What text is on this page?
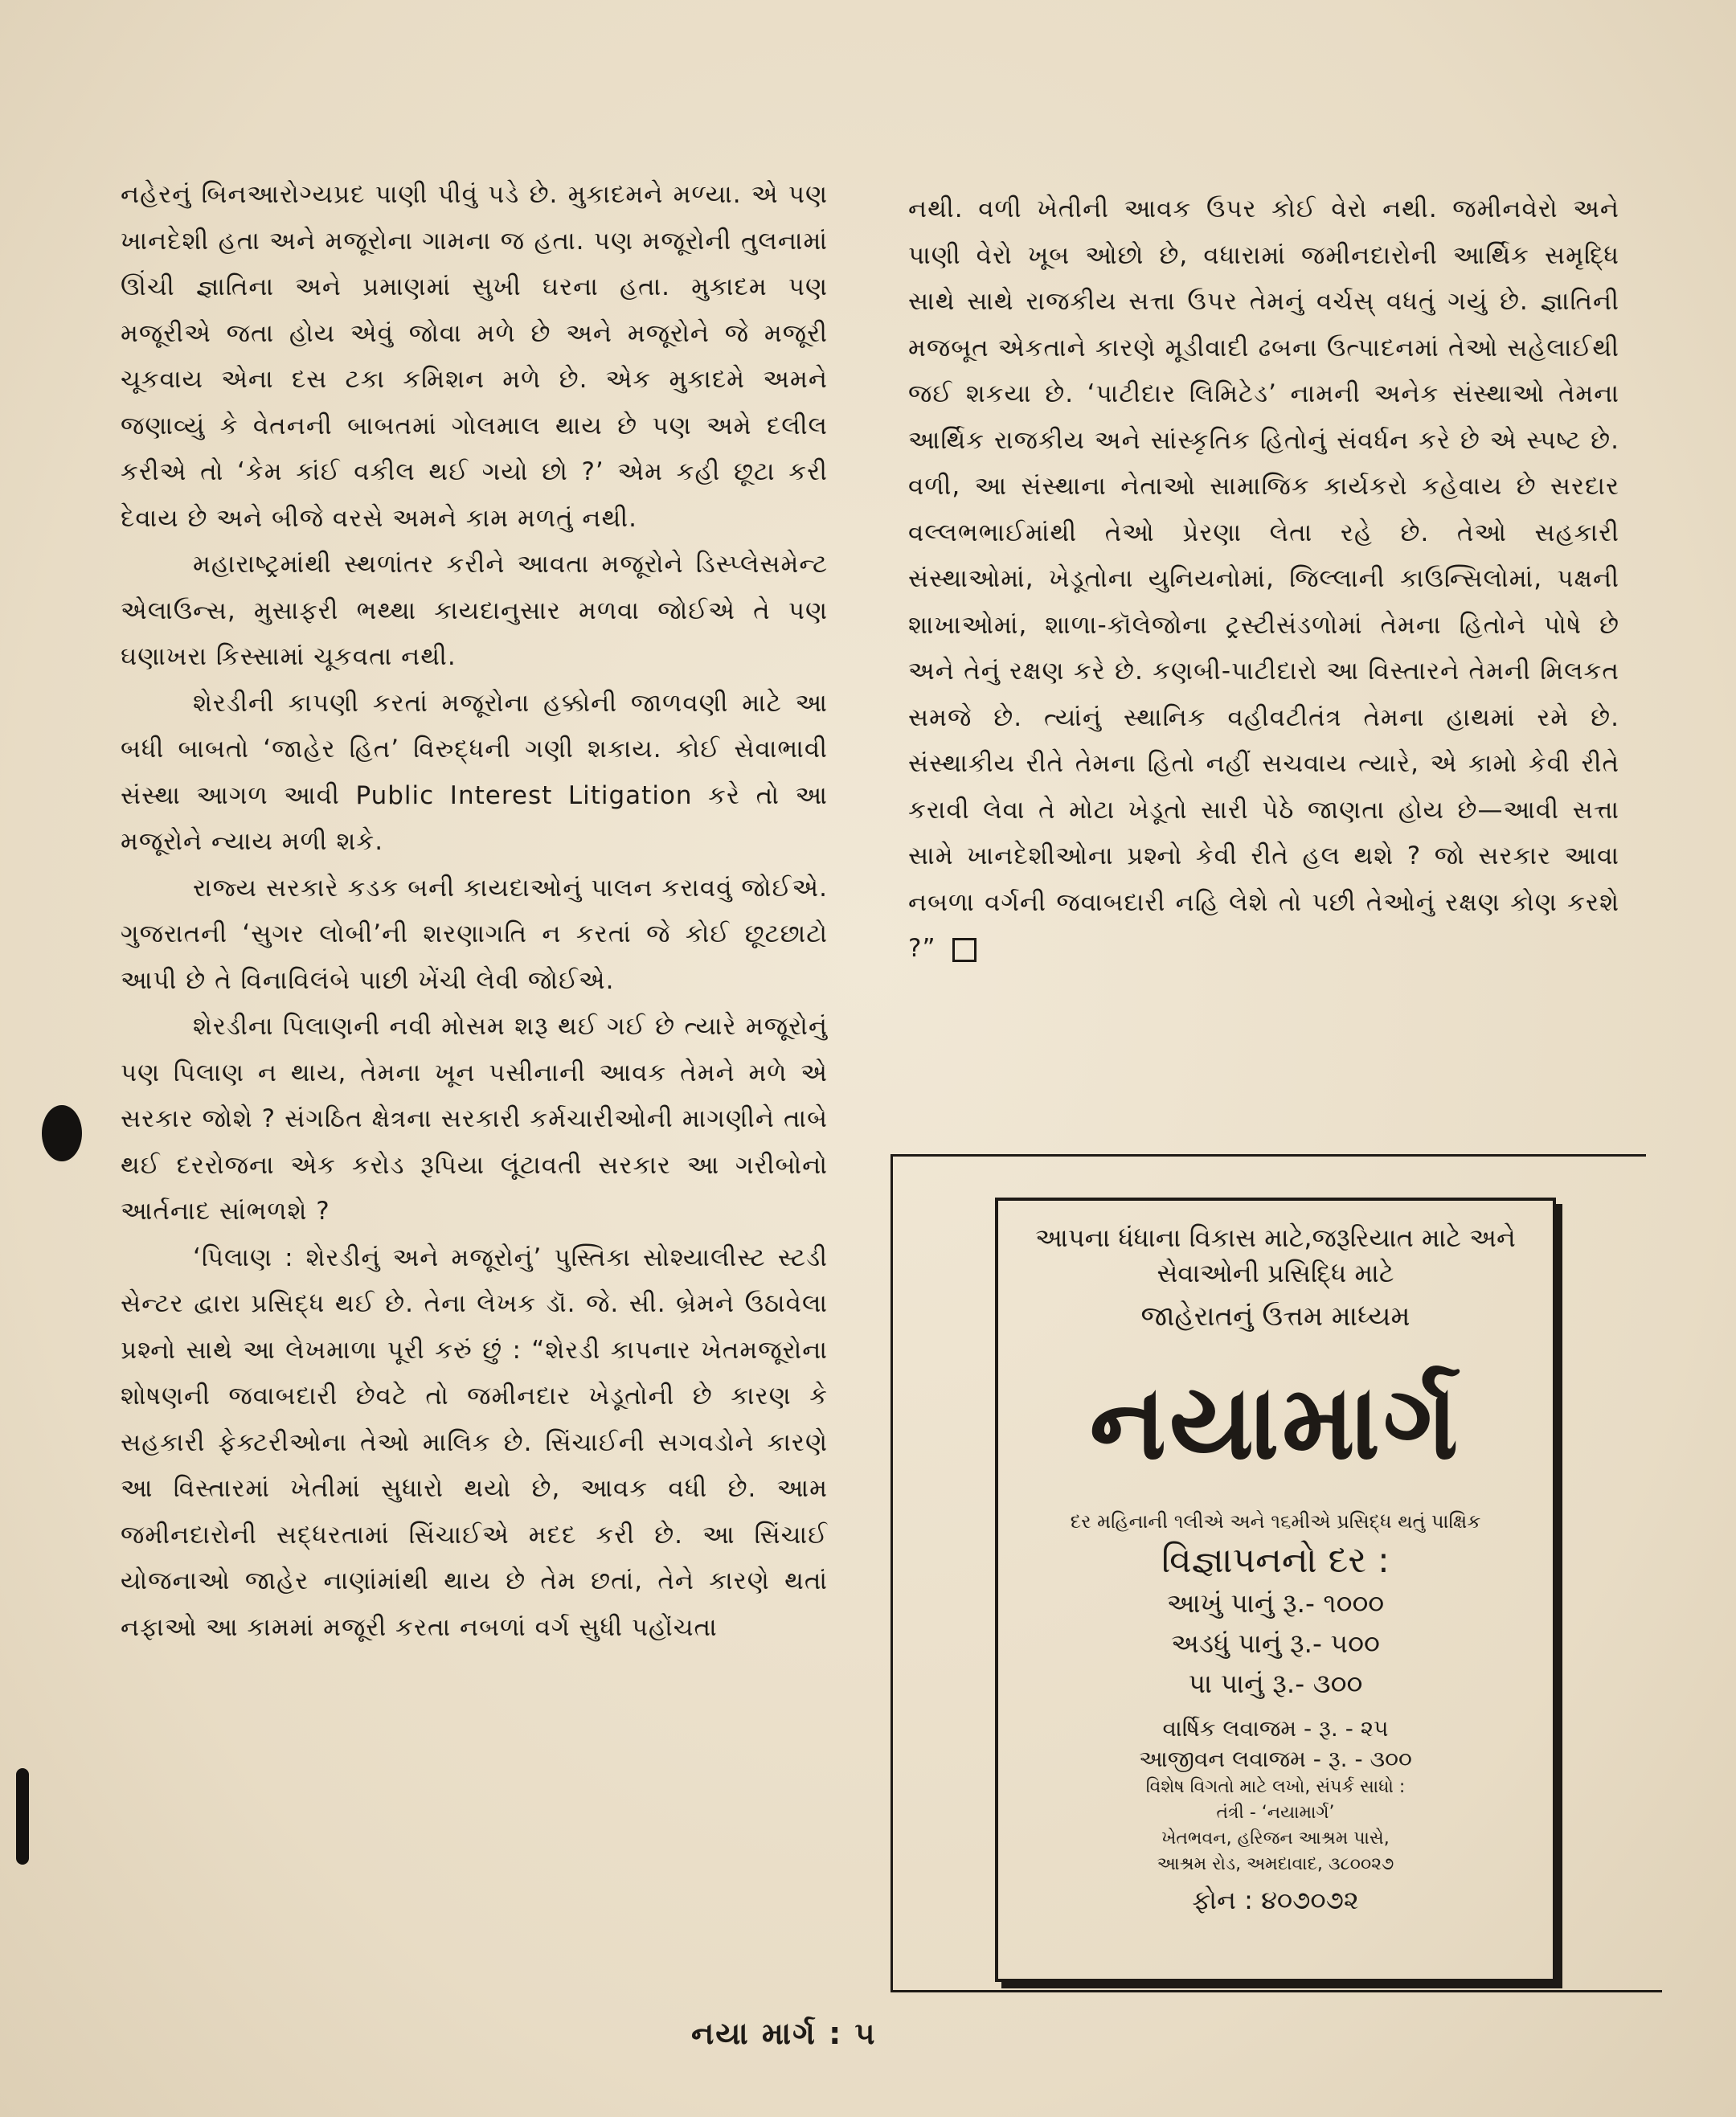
નહેરનું બિનઆરોગ્યપ્રદ પાણી પીવું પડે છે. મુકાદમને મળ્યા. એ પણ ખાનદેશી હતા અને મજૂરોના ગામના જ હતા. પણ મજૂરોની તુલનામાં ઊંચી જ્ઞાતિના અને પ્રમાણમાં સુખી ઘરના હતા. મુકાદમ પણ મજૂરીએ જતા હોય એવું જોવા મળે છે અને મજૂરોને જે મજૂરી ચૂકવાય એના દસ ટકા કમિશન મળે છે. એક મુકાદમે અમને જણાવ્યું કે વેતનની બાબતમાં ગોલમાલ થાય છે પણ અમે દલીલ કરીએ તો ‘કેમ કાંઈ વકીલ થઈ ગયો છો ?’ એમ કહી છૂટા કરી દેવાય છે અને બીજે વરસે અમને કામ મળતું નથી.

મહારાષ્ટ્રમાંથી સ્થળાંતર કરીને આવતા મજૂરોને ડિસ્પ્લેસમેન્ટ એલાઉન્સ, મુસાફરી ભથ્થા કાયદાનુસાર મળવા જોઈએ તે પણ ઘણાખરા કિસ્સામાં ચૂકવતા નથી.

શેરડીની કાપણી કરતાં મજૂરોના હક્કોની જાળવણી માટે આ બધી બાબતો ‘જાહેર હિત’ વિરુદ્ધની ગણી શકાય. કોઈ સેવાભાવી સંસ્થા આગળ આવી Public Interest Litigation કરે તો આ મજૂરોને ન્યાય મળી શકે.

રાજ્ય સરકારે કડક બની કાયદાઓનું પાલન કરાવવું જોઈએ. ગુજરાતની ‘સુગર લોબી’ની શરણાગતિ ન કરતાં જે કોઈ છૂટછાટો આપી છે તે વિનાવિલંબે પાછી ખેંચી લેવી જોઈએ.

શેરડીના પિલાણની નવી મોસમ શરૂ થઈ ગઈ છે ત્યારે મજૂરોનું પણ પિલાણ ન થાય, તેમના ખૂન પસીનાની આવક તેમને મળે એ સરકાર જોશે ? સંગઠિત ક્ષેત્રના સરકારી કર્મચારીઓની માગણીને તાબે થઈ દરરોજના એક કરોડ રૂપિયા લૂંટાવતી સરકાર આ ગરીબોનો આર્તનાદ સાંભળશે ?

‘પિલાણ : શેરડીનું અને મજૂરોનું’ પુસ્તિકા સોશ્યાલીસ્ટ સ્ટડી સેન્ટર દ્વારા પ્રસિદ્ધ થઈ છે. તેના લેખક ડૉ. જે. સી. બ્રેમને ઉઠાવેલા પ્રશ્નો સાથે આ લેખમાળા પૂરી કરું છું : “શેરડી કાપનાર ખેતમજૂરોના શોષણની જવાબદારી છેવટે તો જમીનદાર ખેડૂતોની છે કારણ કે સહકારી ફેક્ટરીઓના તેઓ માલિક છે. સિંચાઈની સગવડોને કારણે આ વિસ્તારમાં ખેતીમાં સુધારો થયો છે, આવક વધી છે. આમ જમીનદારોની સદ્ધરતામાં સિંચાઈએ મદદ કરી છે. આ સિંચાઈ યોજનાઓ જાહેર નાણાંમાંથી થાય છે તેમ છતાં, તેને કારણે થતાં નફાઓ આ કામમાં મજૂરી કરતા નબળાં વર્ગ સુધી પહોંચતા

નથી. વળી ખેતીની આવક ઉપર કોઈ વેરો નથી. જમીનવેરો અને પાણી વેરો ખૂબ ઓછો છે, વધારામાં જમીનદારોની આર્થિક સમૃદ્ધિ સાથે સાથે રાજકીય સત્તા ઉપર તેમનું વર્ચસ્ વધતું ગયું છે. જ્ઞાતિની મજબૂત એકતાને કારણે મૂડીવાદી ઢબના ઉત્પાદનમાં તેઓ સહેલાઈથી જઈ શકયા છે. ‘પાટીદાર લિમિટેડ’ નામની અનેક સંસ્થાઓ તેમના આર્થિક રાજકીય અને સાંસ્કૃતિક હિતોનું સંવર્ધન કરે છે એ સ્પષ્ટ છે. વળી, આ સંસ્થાના નેતાઓ સામાજિક કાર્યકરો કહેવાય છે સરદાર વલ્લભભાઈમાંથી તેઓ પ્રેરણા લેતા રહે છે. તેઓ સહકારી સંસ્થાઓમાં, ખેડૂતોના યુનિયનોમાં, જિલ્લાની કાઉન્સિલોમાં, પક્ષની શાખાઓમાં, શાળા-કૉલેજોના ટ્રસ્ટીસંડળોમાં તેમના હિતોને પોષે છે અને તેનું રક્ષણ કરે છે. કણબી-પાટીદારો આ વિસ્તારને તેમની મિલકત સમજે છે. ત્યાંનું સ્થાનિક વહીવટીતંત્ર તેમના હાથમાં રમે છે. સંસ્થાકીય રીતે તેમના હિતો નહીં સચવાય ત્યારે, એ કામો કેવી રીતે કરાવી લેવા તે મોટા ખેડૂતો સારી પેઠે જાણતા હોય છે—આવી સત્તા સામે ખાનદેશીઓના પ્રશ્નો કેવી રીતે હલ થશે ? જો સરકાર આવા નબળા વર્ગની જવાબદારી નહિ લેશે તો પછી તેઓનું રક્ષણ કોણ કરશે ?”

આપના ધંધાના વિકાસ માટે,જરૂરિયાત માટે અને સેવાઓની પ્રસિદ્ધિ માટે
જાહેરાતનું ઉત્તમ માધ્યમ
નયામાર્ગ
દર મહિનાની ૧લીએ અને ૧૬મીએ પ્રસિદ્ધ થતું પાક્ષિક
વિજ્ઞાપનનો દર :
આખું પાનું રૂ.- ૧૦૦૦
અડધું પાનું રૂ.- ૫૦૦
પા પાનું રૂ.- ૩૦૦
વાર્ષિક લવાજમ - રૂ. - ૨૫
આજીવન લવાજમ - રૂ. - ૩૦૦
વિશેષ વિગતો માટે લખો, સંપર્ક સાધો :
તંત્રી - ‘નયામાર્ગ’
ખેતભવન, હરિજન આશ્રમ પાસે,
આશ્રમ રોડ, અમદાવાદ, ૩૮૦૦૨૭
ફોન : ૪૦૭૦૭૨
નયા માર્ગ : ૫
